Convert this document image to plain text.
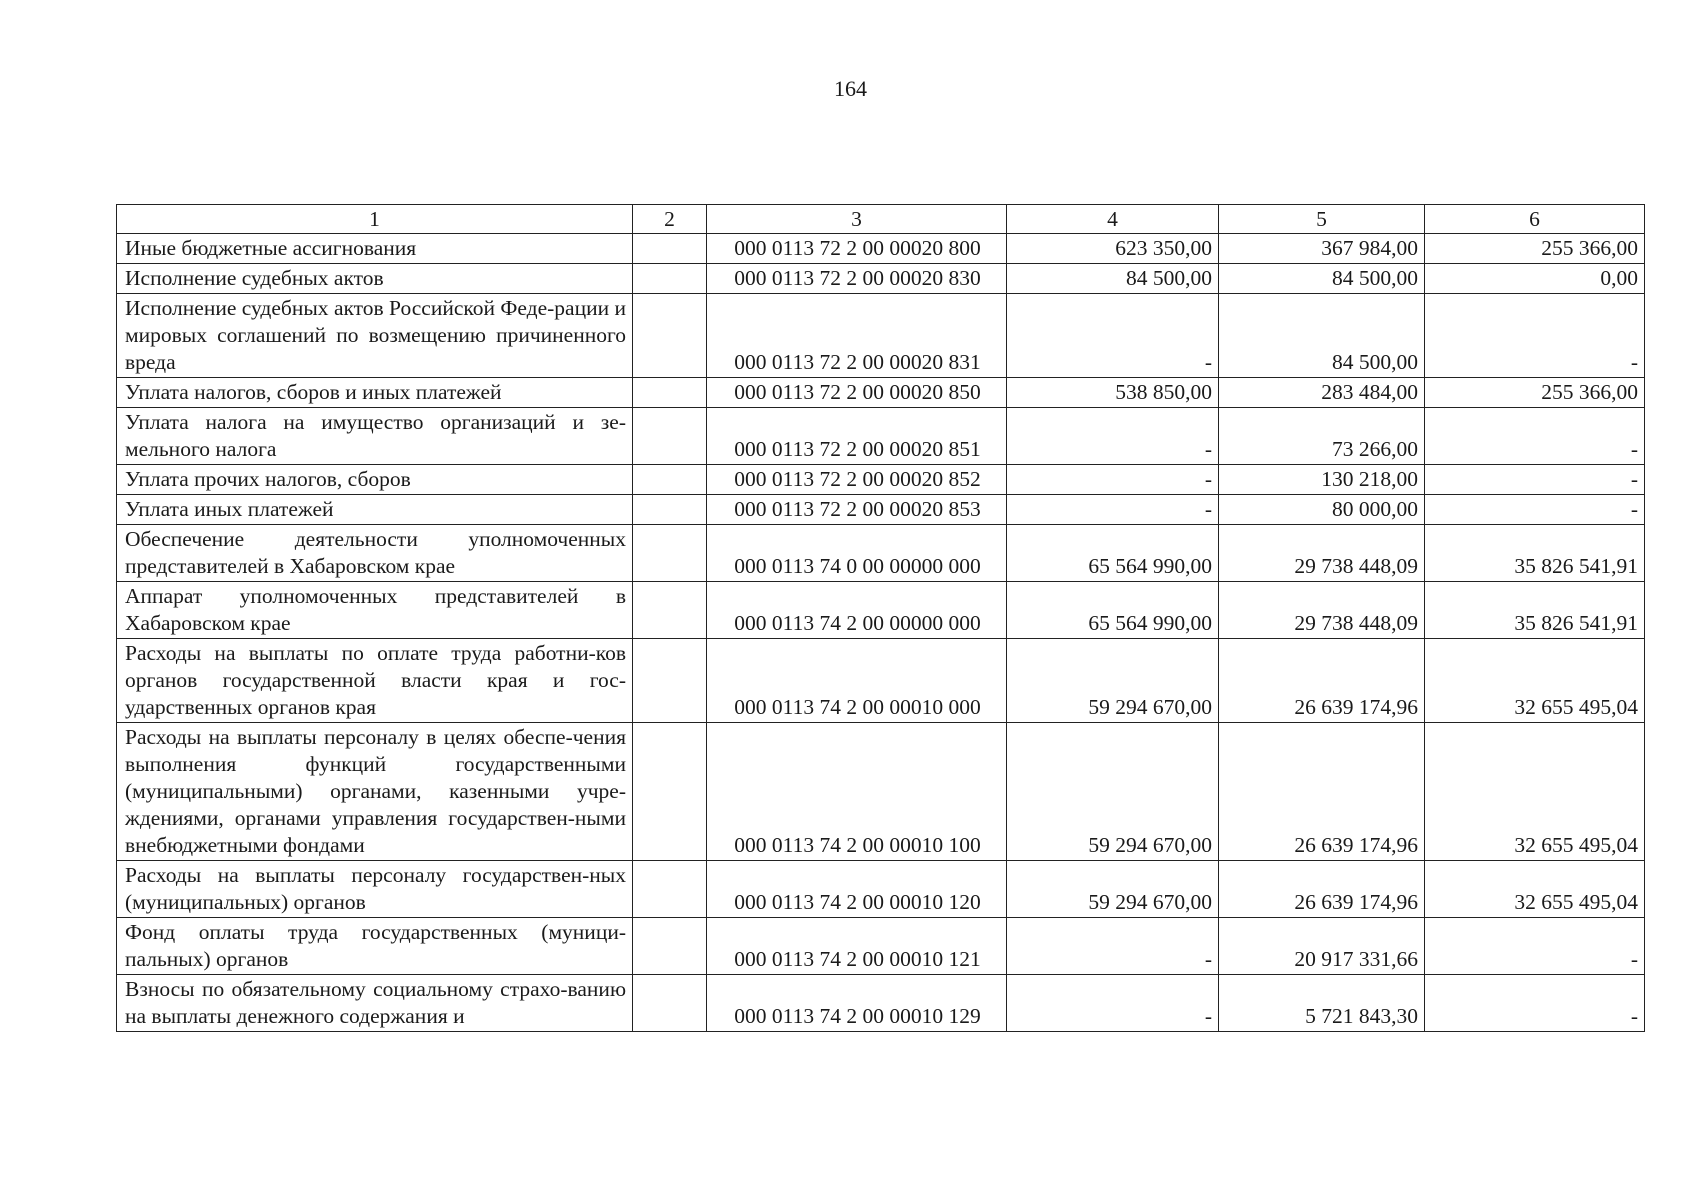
164
1	2	3	4	5	6
Иные бюджетные ассигнования		000 0113 72 2 00 00020 800	623 350,00	367 984,00	255 366,00
Исполнение судебных актов		000 0113 72 2 00 00020 830	84 500,00	84 500,00	0,00
Исполнение судебных актов Российской Феде-рации и мировых соглашений по возмещению причиненного вреда		000 0113 72 2 00 00020 831	-	84 500,00	-
Уплата налогов, сборов и иных платежей		000 0113 72 2 00 00020 850	538 850,00	283 484,00	255 366,00
Уплата налога на имущество организаций и зе-мельного налога		000 0113 72 2 00 00020 851	-	73 266,00	-
Уплата прочих налогов, сборов		000 0113 72 2 00 00020 852	-	130 218,00	-
Уплата иных платежей		000 0113 72 2 00 00020 853	-	80 000,00	-
Обеспечение деятельности уполномоченных представителей в Хабаровском крае		000 0113 74 0 00 00000 000	65 564 990,00	29 738 448,09	35 826 541,91
Аппарат уполномоченных представителей в Хабаровском крае		000 0113 74 2 00 00000 000	65 564 990,00	29 738 448,09	35 826 541,91
Расходы на выплаты по оплате труда работни-ков органов государственной власти края и гос-ударственных органов края		000 0113 74 2 00 00010 000	59 294 670,00	26 639 174,96	32 655 495,04
Расходы на выплаты персоналу в целях обеспе-чения выполнения функций государственными (муниципальными) органами, казенными учре-ждениями, органами управления государствен-ными внебюджетными фондами		000 0113 74 2 00 00010 100	59 294 670,00	26 639 174,96	32 655 495,04
Расходы на выплаты персоналу государствен-ных (муниципальных) органов		000 0113 74 2 00 00010 120	59 294 670,00	26 639 174,96	32 655 495,04
Фонд оплаты труда государственных (муници-пальных) органов		000 0113 74 2 00 00010 121	-	20 917 331,66	-
Взносы по обязательному социальному страхо-ванию на выплаты денежного содержания и		000 0113 74 2 00 00010 129	-	5 721 843,30	-
